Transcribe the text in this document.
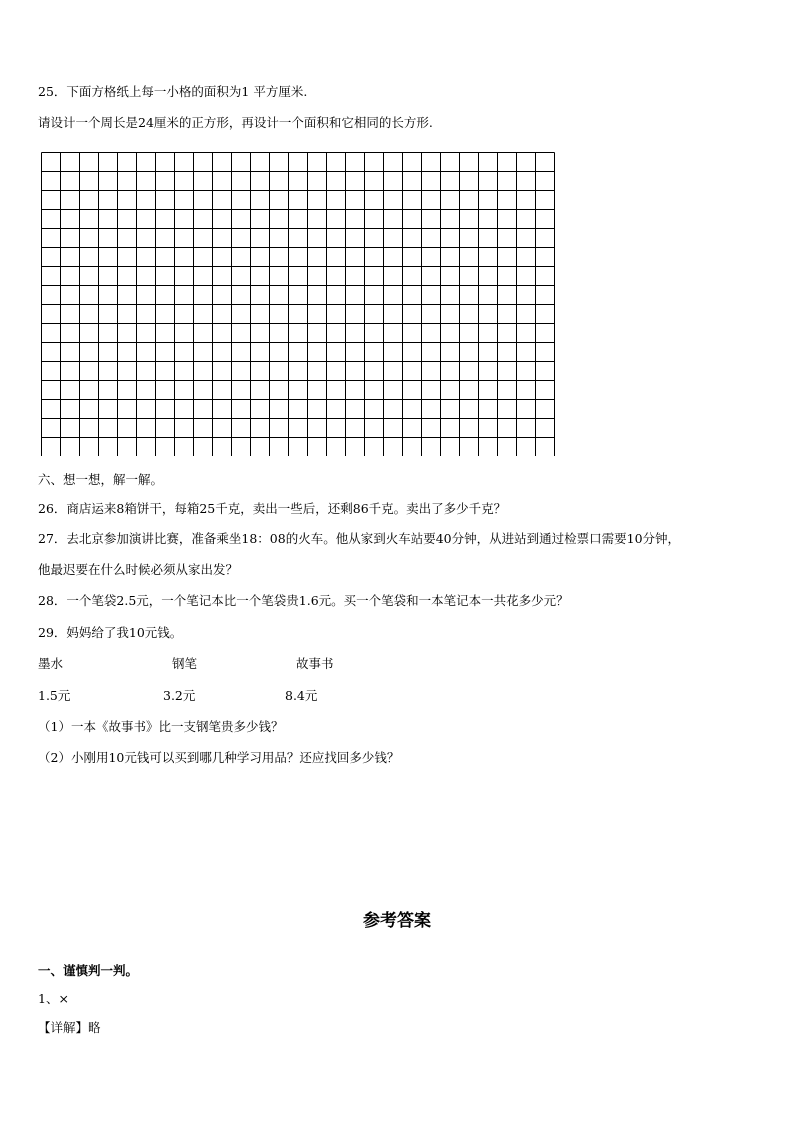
25．下面方格纸上每一小格的面积为1 平方厘米.
请设计一个周长是24厘米的正方形，再设计一个面积和它相同的长方形.
六、想一想，解一解。
26．商店运来8箱饼干，每箱25千克，卖出一些后，还剩86千克。卖出了多少千克？
27．去北京参加演讲比赛，准备乘坐18：08的火车。他从家到火车站要40分钟，从进站到通过检票口需要10分钟，
他最迟要在什么时候必须从家出发？
28．一个笔袋2.5元，一个笔记本比一个笔袋贵1.6元。买一个笔袋和一本笔记本一共花多少元？
29．妈妈给了我10元钱。
墨水	钢笔	故事书
1.5元	3.2元	8.4元
（1）一本《故事书》比一支钢笔贵多少钱？
（2）小刚用10元钱可以买到哪几种学习用品？还应找回多少钱？
参考答案
一、谨慎判一判。
1、×
【详解】略
